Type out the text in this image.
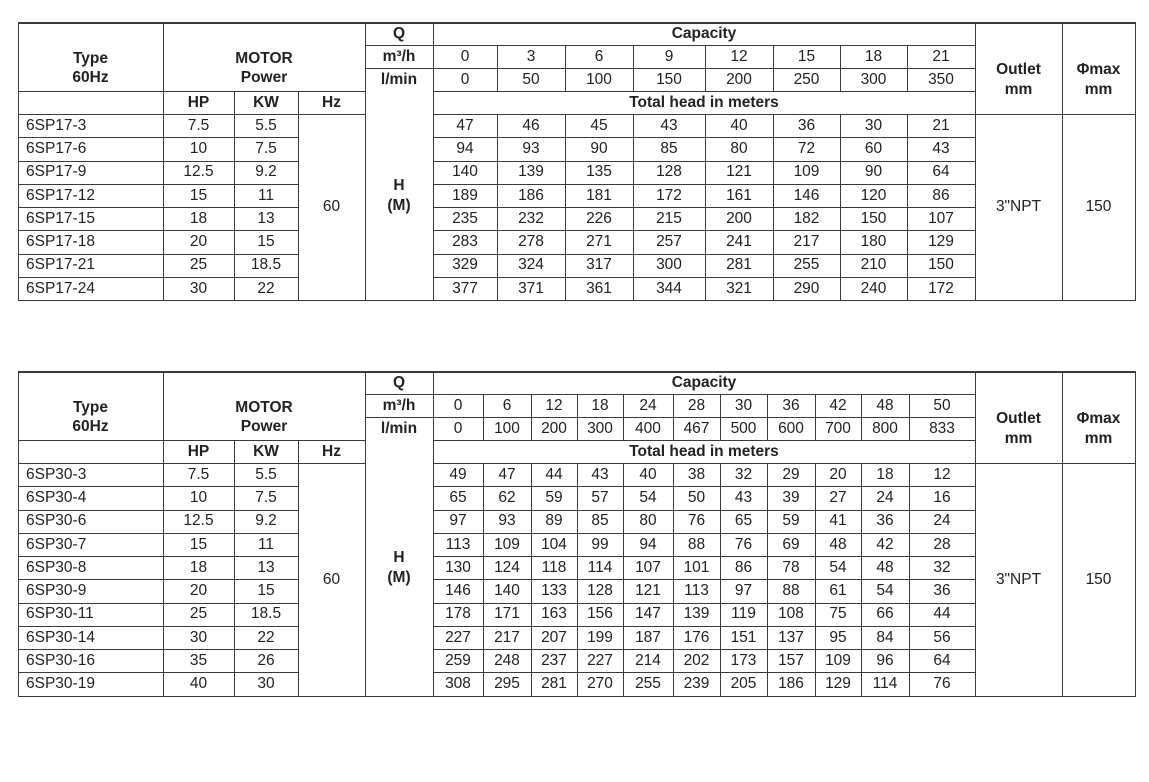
Type
60Hz
MOTOR
Power
Q
m³/h
l/min
Capacity
Outlet
mm
Φmax
mm
HP	KW	Hz	Total head in meters
0	3	6	9	12	15	18	21
0	50	100	150	200	250	300	350
6SP17-3	7.5	5.5	47	46	45	43	40	36	30	21
6SP17-6	10	7.5	94	93	90	85	80	72	60	43
6SP17-9	12.5	9.2	140	139	135	128	121	109	90	64
6SP17-12	15	11	189	186	181	172	161	146	120	86
6SP17-15	18	13	235	232	226	215	200	182	150	107
6SP17-18	20	15	283	278	271	257	241	217	180	129
6SP17-21	25	18.5	329	324	317	300	281	255	210	150
6SP17-24	30	22	377	371	361	344	321	290	240	172
60
H
(M)	3"NPT	150
Type
60Hz
MOTOR
Power
Q
m³/h
l/min
Capacity
Outlet
mm
Φmax
mm
HP	KW	Hz	Total head in meters
0	6	12	18	24	28	30	36	42	48	50
0	100	200	300	400	467	500	600	700	800	833
6SP30-3	7.5	5.5	49	47	44	43	40	38	32	29	20	18	12
6SP30-4	10	7.5	65	62	59	57	54	50	43	39	27	24	16
6SP30-6	12.5	9.2	97	93	89	85	80	76	65	59	41	36	24
6SP30-7	15	11	113	109	104	99	94	88	76	69	48	42	28
6SP30-8	18	13	130	124	118	114	107	101	86	78	54	48	32
6SP30-9	20	15	146	140	133	128	121	113	97	88	61	54	36
6SP30-11	25	18.5	178	171	163	156	147	139	119	108	75	66	44
6SP30-14	30	22	227	217	207	199	187	176	151	137	95	84	56
6SP30-16	35	26	259	248	237	227	214	202	173	157	109	96	64
6SP30-19	40	30	308	295	281	270	255	239	205	186	129	114	76
60
H
(M)	3"NPT	150
